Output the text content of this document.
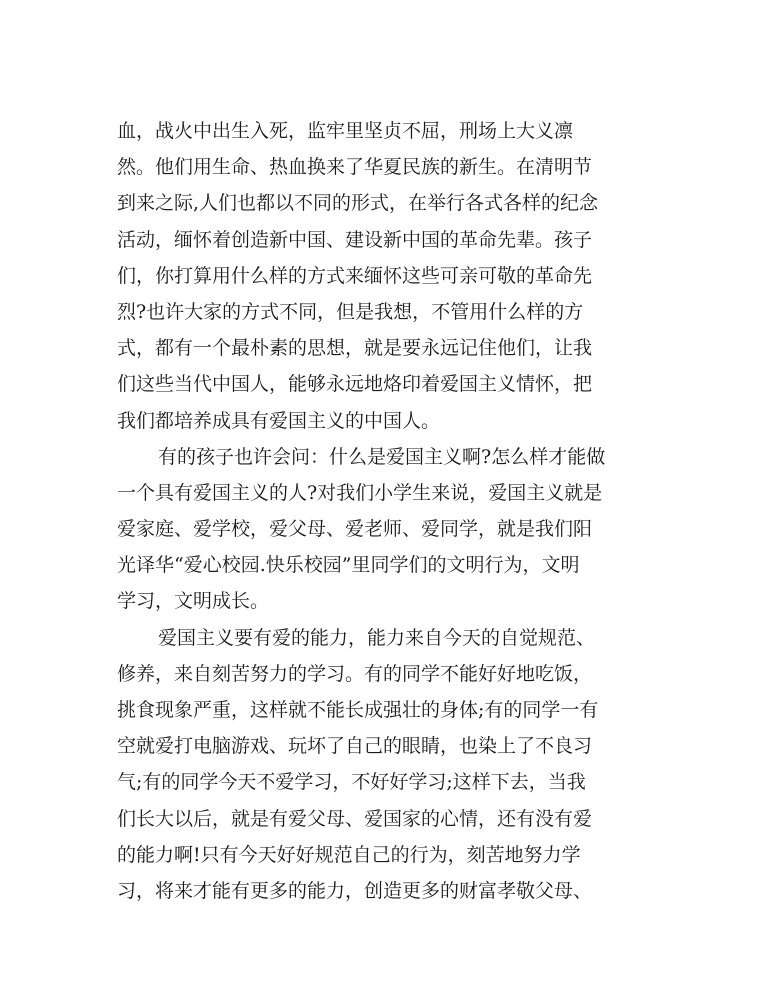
血，战火中出生入死，监牢里坚贞不屈，刑场上大义凛
然。他们用生命、热血换来了华夏民族的新生。在清明节
到来之际,人们也都以不同的形式，在举行各式各样的纪念
活动，缅怀着创造新中国、建设新中国的革命先辈。孩子
们，你打算用什么样的方式来缅怀这些可亲可敬的革命先
烈?也许大家的方式不同，但是我想，不管用什么样的方
式，都有一个最朴素的思想，就是要永远记住他们，让我
们这些当代中国人，能够永远地烙印着爱国主义情怀，把
我们都培养成具有爱国主义的中国人。
有的孩子也许会问：什么是爱国主义啊?怎么样才能做
一个具有爱国主义的人?对我们小学生来说，爱国主义就是
爱家庭、爱学校，爱父母、爱老师、爱同学，就是我们阳
光译华“爱心校园.快乐校园”里同学们的文明行为，文明
学习，文明成长。
爱国主义要有爱的能力，能力来自今天的自觉规范、
修养，来自刻苦努力的学习。有的同学不能好好地吃饭，
挑食现象严重，这样就不能长成强壮的身体;有的同学一有
空就爱打电脑游戏、玩坏了自己的眼睛，也染上了不良习
气;有的同学今天不爱学习，不好好学习;这样下去，当我
们长大以后，就是有爱父母、爱国家的心情，还有没有爱
的能力啊!只有今天好好规范自己的行为，刻苦地努力学
习，将来才能有更多的能力，创造更多的财富孝敬父母、
